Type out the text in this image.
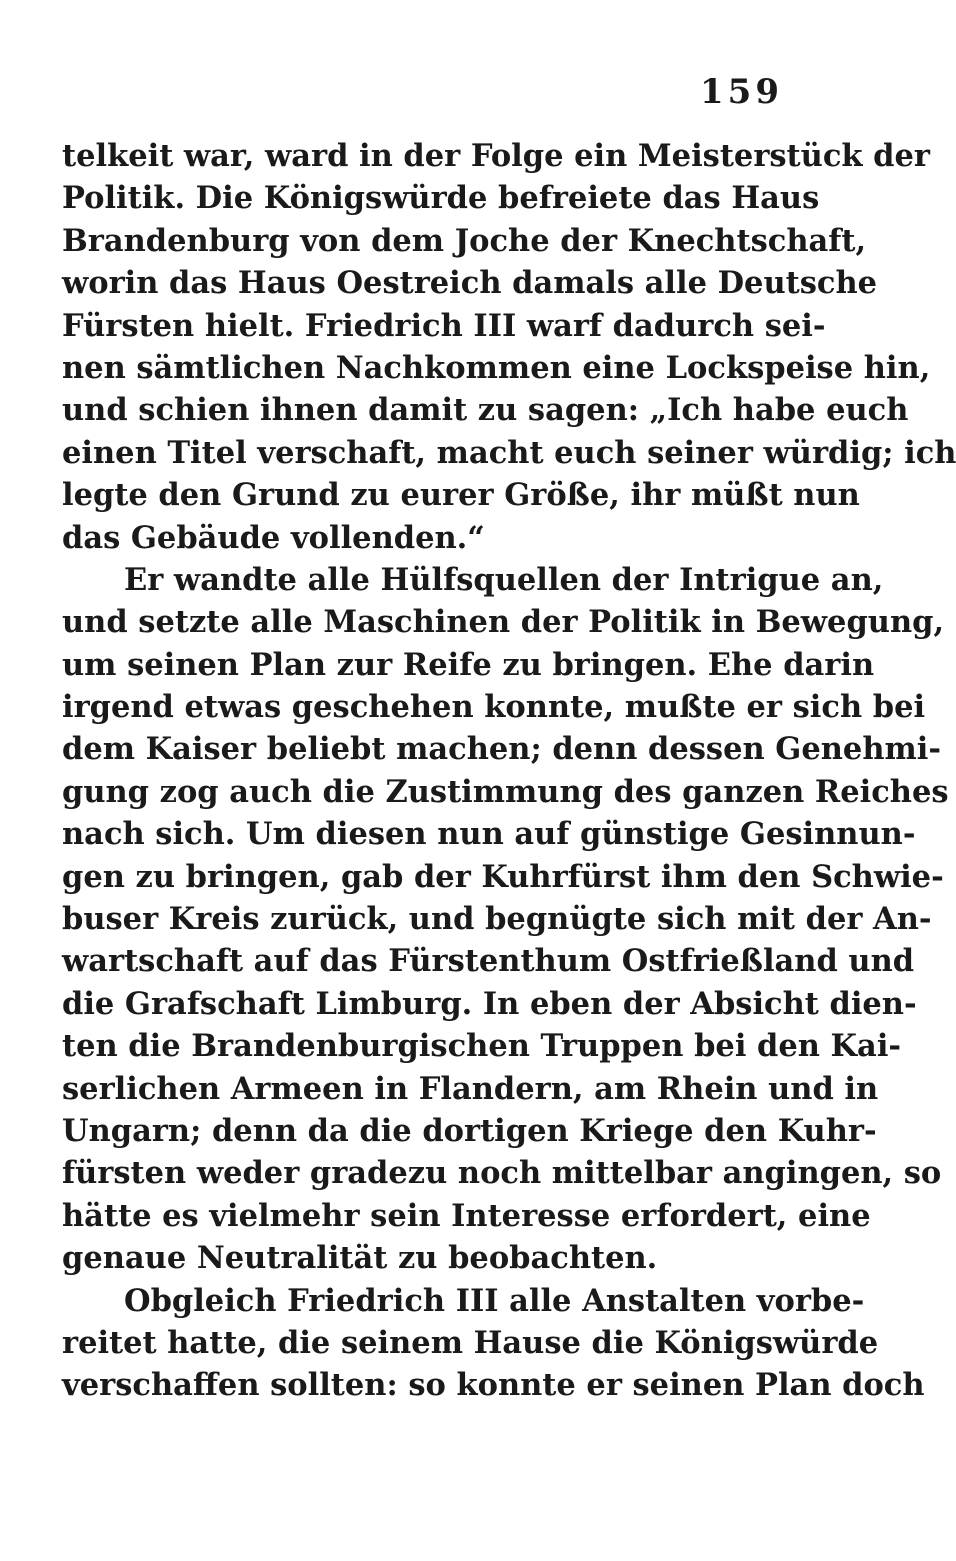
159
telkeit war, ward in der Folge ein Meisterstück der
Politik. Die Königswürde befreiete das Haus
Brandenburg von dem Joche der Knechtschaft,
worin das Haus Oestreich damals alle Deutsche
Fürsten hielt. Friedrich III warf dadurch sei-
nen sämtlichen Nachkommen eine Lockspeise hin,
und schien ihnen damit zu sagen: „Ich habe euch
einen Titel verschaft, macht euch seiner würdig; ich
legte den Grund zu eurer Größe, ihr müßt nun
das Gebäude vollenden.“
Er wandte alle Hülfsquellen der Intrigue an,
und setzte alle Maschinen der Politik in Bewegung,
um seinen Plan zur Reife zu bringen. Ehe darin
irgend etwas geschehen konnte, mußte er sich bei
dem Kaiser beliebt machen; denn dessen Genehmi-
gung zog auch die Zustimmung des ganzen Reiches
nach sich. Um diesen nun auf günstige Gesinnun-
gen zu bringen, gab der Kuhrfürst ihm den Schwie-
buser Kreis zurück, und begnügte sich mit der An-
wartschaft auf das Fürstenthum Ostfrießland und
die Grafschaft Limburg. In eben der Absicht dien-
ten die Brandenburgischen Truppen bei den Kai-
serlichen Armeen in Flandern, am Rhein und in
Ungarn; denn da die dortigen Kriege den Kuhr-
fürsten weder gradezu noch mittelbar angingen, so
hätte es vielmehr sein Interesse erfordert, eine
genaue Neutralität zu beobachten.
Obgleich Friedrich III alle Anstalten vorbe-
reitet hatte, die seinem Hause die Königswürde
verschaffen sollten: so konnte er seinen Plan doch
